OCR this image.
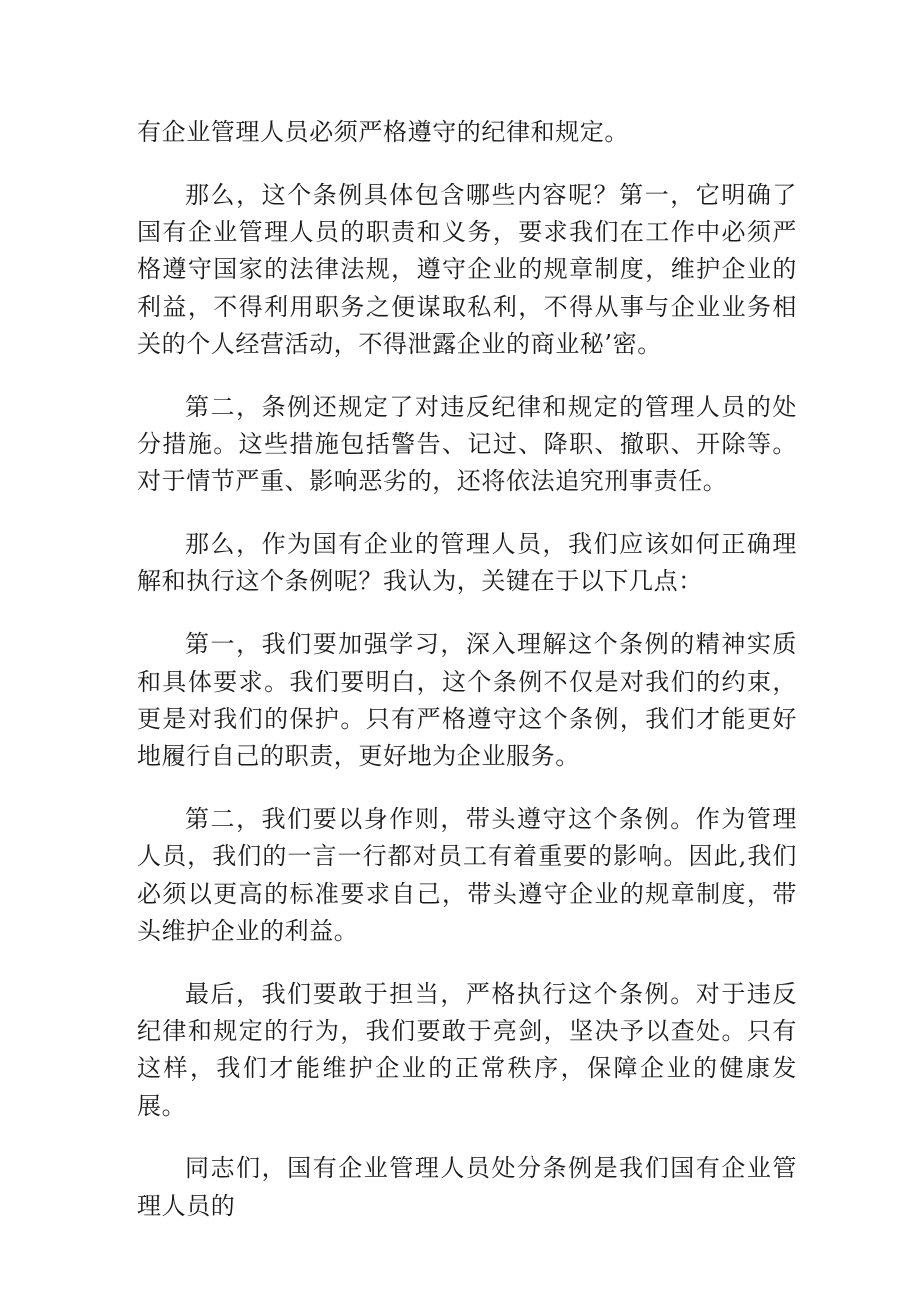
有企业管理人员必须严格遵守的纪律和规定。

那么，这个条例具体包含哪些内容呢？第一，它明确了国有企业管理人员的职责和义务，要求我们在工作中必须严格遵守国家的法律法规，遵守企业的规章制度，维护企业的利益，不得利用职务之便谋取私利，不得从事与企业业务相关的个人经营活动，不得泄露企业的商业秘’密。

第二，条例还规定了对违反纪律和规定的管理人员的处分措施。这些措施包括警告、记过、降职、撤职、开除等。对于情节严重、影响恶劣的，还将依法追究刑事责任。

那么，作为国有企业的管理人员，我们应该如何正确理解和执行这个条例呢？我认为，关键在于以下几点：

第一，我们要加强学习，深入理解这个条例的精神实质和具体要求。我们要明白，这个条例不仅是对我们的约束，更是对我们的保护。只有严格遵守这个条例，我们才能更好地履行自己的职责，更好地为企业服务。

第二，我们要以身作则，带头遵守这个条例。作为管理人员，我们的一言一行都对员工有着重要的影响。因此,我们必须以更高的标准要求自己，带头遵守企业的规章制度，带头维护企业的利益。

最后，我们要敢于担当，严格执行这个条例。对于违反纪律和规定的行为，我们要敢于亮剑，坚决予以查处。只有这样，我们才能维护企业的正常秩序，保障企业的健康发展。

同志们，国有企业管理人员处分条例是我们国有企业管理人员的
